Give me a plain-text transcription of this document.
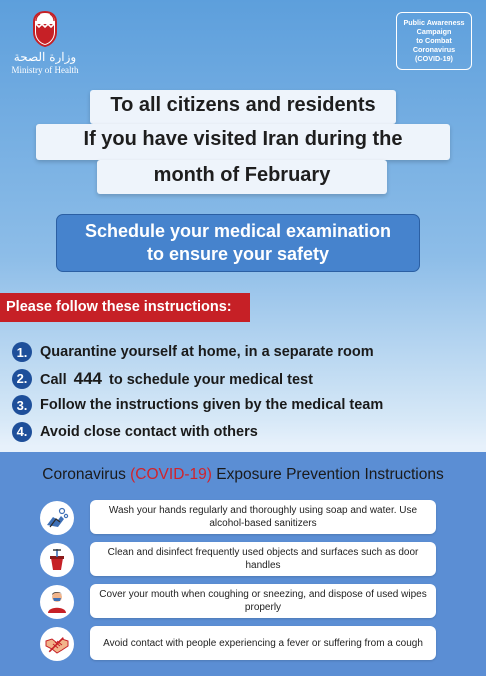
وزارة الصحة
Ministry of Health
Public Awareness
Campaign
to Combat
Coronavirus
(COVID-19)
To all citizens and residents
If you have visited Iran during the
month of February
Schedule your medical examination
to ensure your safety
Please follow these instructions:
1. Quarantine yourself at home, in a separate room
2. Call 444 to schedule your medical test
3. Follow the instructions given by the medical team
4. Avoid close contact with others
Coronavirus (COVID-19) Exposure Prevention Instructions
Wash your hands regularly and thoroughly using soap and water. Use alcohol-based sanitizers
Clean and disinfect frequently used objects and surfaces such as door handles
Cover your mouth when coughing or sneezing, and dispose of used wipes properly
Avoid contact with people experiencing a fever or suffering from a cough
